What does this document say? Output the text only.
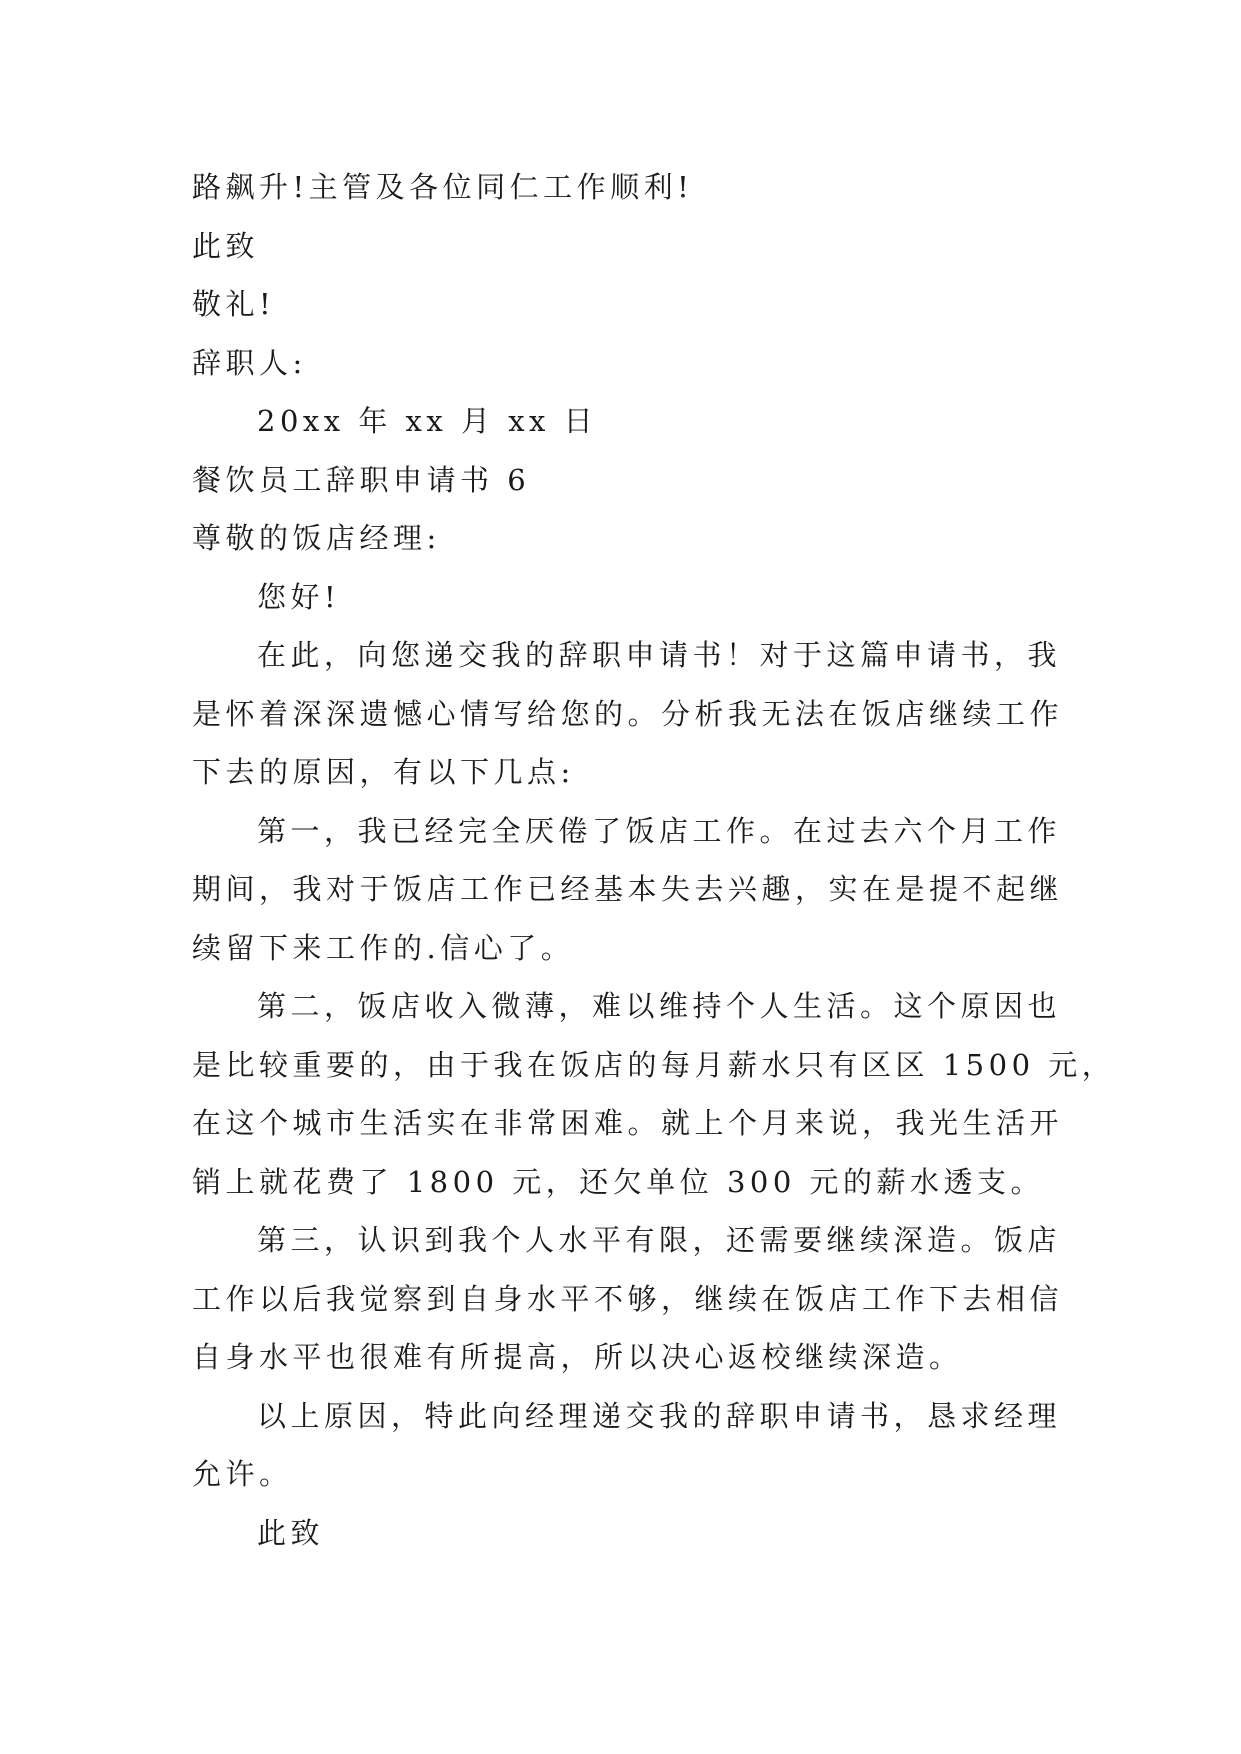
路飙升!主管及各位同仁工作顺利!
此致
敬礼!
辞职人:
20xx 年 xx 月 xx 日
餐饮员工辞职申请书 6
尊敬的饭店经理:
您好!
在此，向您递交我的辞职申请书！对于这篇申请书，我
是怀着深深遗憾心情写给您的。分析我无法在饭店继续工作
下去的原因，有以下几点:
第一，我已经完全厌倦了饭店工作。在过去六个月工作
期间，我对于饭店工作已经基本失去兴趣，实在是提不起继
续留下来工作的.信心了。
第二，饭店收入微薄，难以维持个人生活。这个原因也
是比较重要的，由于我在饭店的每月薪水只有区区 1500 元，
在这个城市生活实在非常困难。就上个月来说，我光生活开
销上就花费了 1800 元，还欠单位 300 元的薪水透支。
第三，认识到我个人水平有限，还需要继续深造。饭店
工作以后我觉察到自身水平不够，继续在饭店工作下去相信
自身水平也很难有所提高，所以决心返校继续深造。
以上原因，特此向经理递交我的辞职申请书，恳求经理
允许。
此致
